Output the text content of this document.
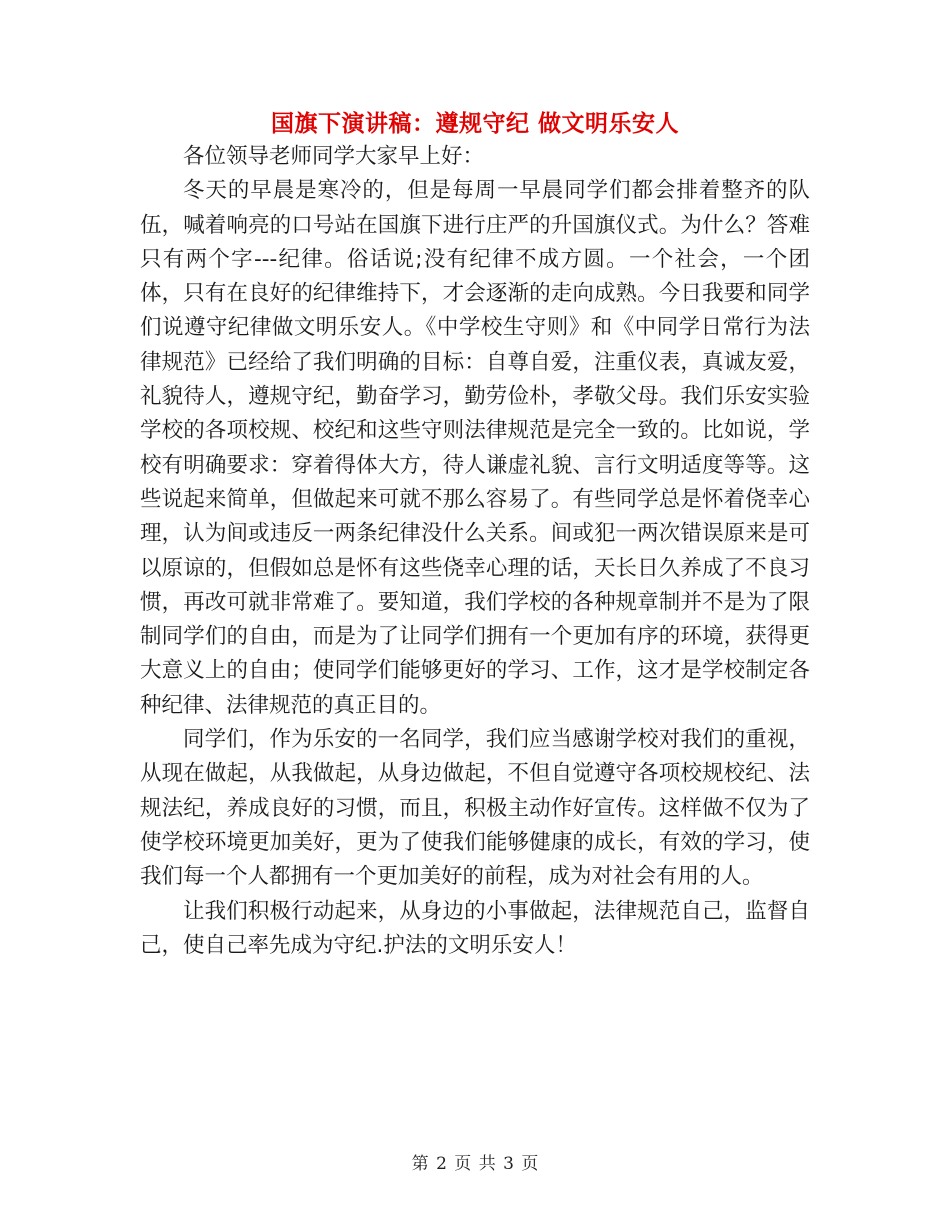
国旗下演讲稿：遵规守纪 做文明乐安人

各位领导老师同学大家早上好：

冬天的早晨是寒冷的，但是每周一早晨同学们都会排着整齐的队伍，喊着响亮的口号站在国旗下进行庄严的升国旗仪式。为什么？答难只有两个字---纪律。俗话说;没有纪律不成方圆。一个社会，一个团体，只有在良好的纪律维持下，才会逐渐的走向成熟。今日我要和同学们说遵守纪律做文明乐安人。《中学校生守则》和《中同学日常行为法律规范》已经给了我们明确的目标：自尊自爱，注重仪表，真诚友爱，礼貌待人，遵规守纪，勤奋学习，勤劳俭朴，孝敬父母。我们乐安实验学校的各项校规、校纪和这些守则法律规范是完全一致的。比如说，学校有明确要求：穿着得体大方，待人谦虚礼貌、言行文明适度等等。这些说起来简单，但做起来可就不那么容易了。有些同学总是怀着侥幸心理，认为间或违反一两条纪律没什么关系。间或犯一两次错误原来是可以原谅的，但假如总是怀有这些侥幸心理的话，天长日久养成了不良习惯，再改可就非常难了。要知道，我们学校的各种规章制并不是为了限制同学们的自由，而是为了让同学们拥有一个更加有序的环境，获得更大意义上的自由；使同学们能够更好的学习、工作，这才是学校制定各种纪律、法律规范的真正目的。

同学们，作为乐安的一名同学，我们应当感谢学校对我们的重视，从现在做起，从我做起，从身边做起，不但自觉遵守各项校规校纪、法规法纪，养成良好的习惯，而且，积极主动作好宣传。这样做不仅为了使学校环境更加美好，更为了使我们能够健康的成长，有效的学习，使我们每一个人都拥有一个更加美好的前程，成为对社会有用的人。

让我们积极行动起来，从身边的小事做起，法律规范自己，监督自己，使自己率先成为守纪.护法的文明乐安人！

第 2 页 共 3 页
